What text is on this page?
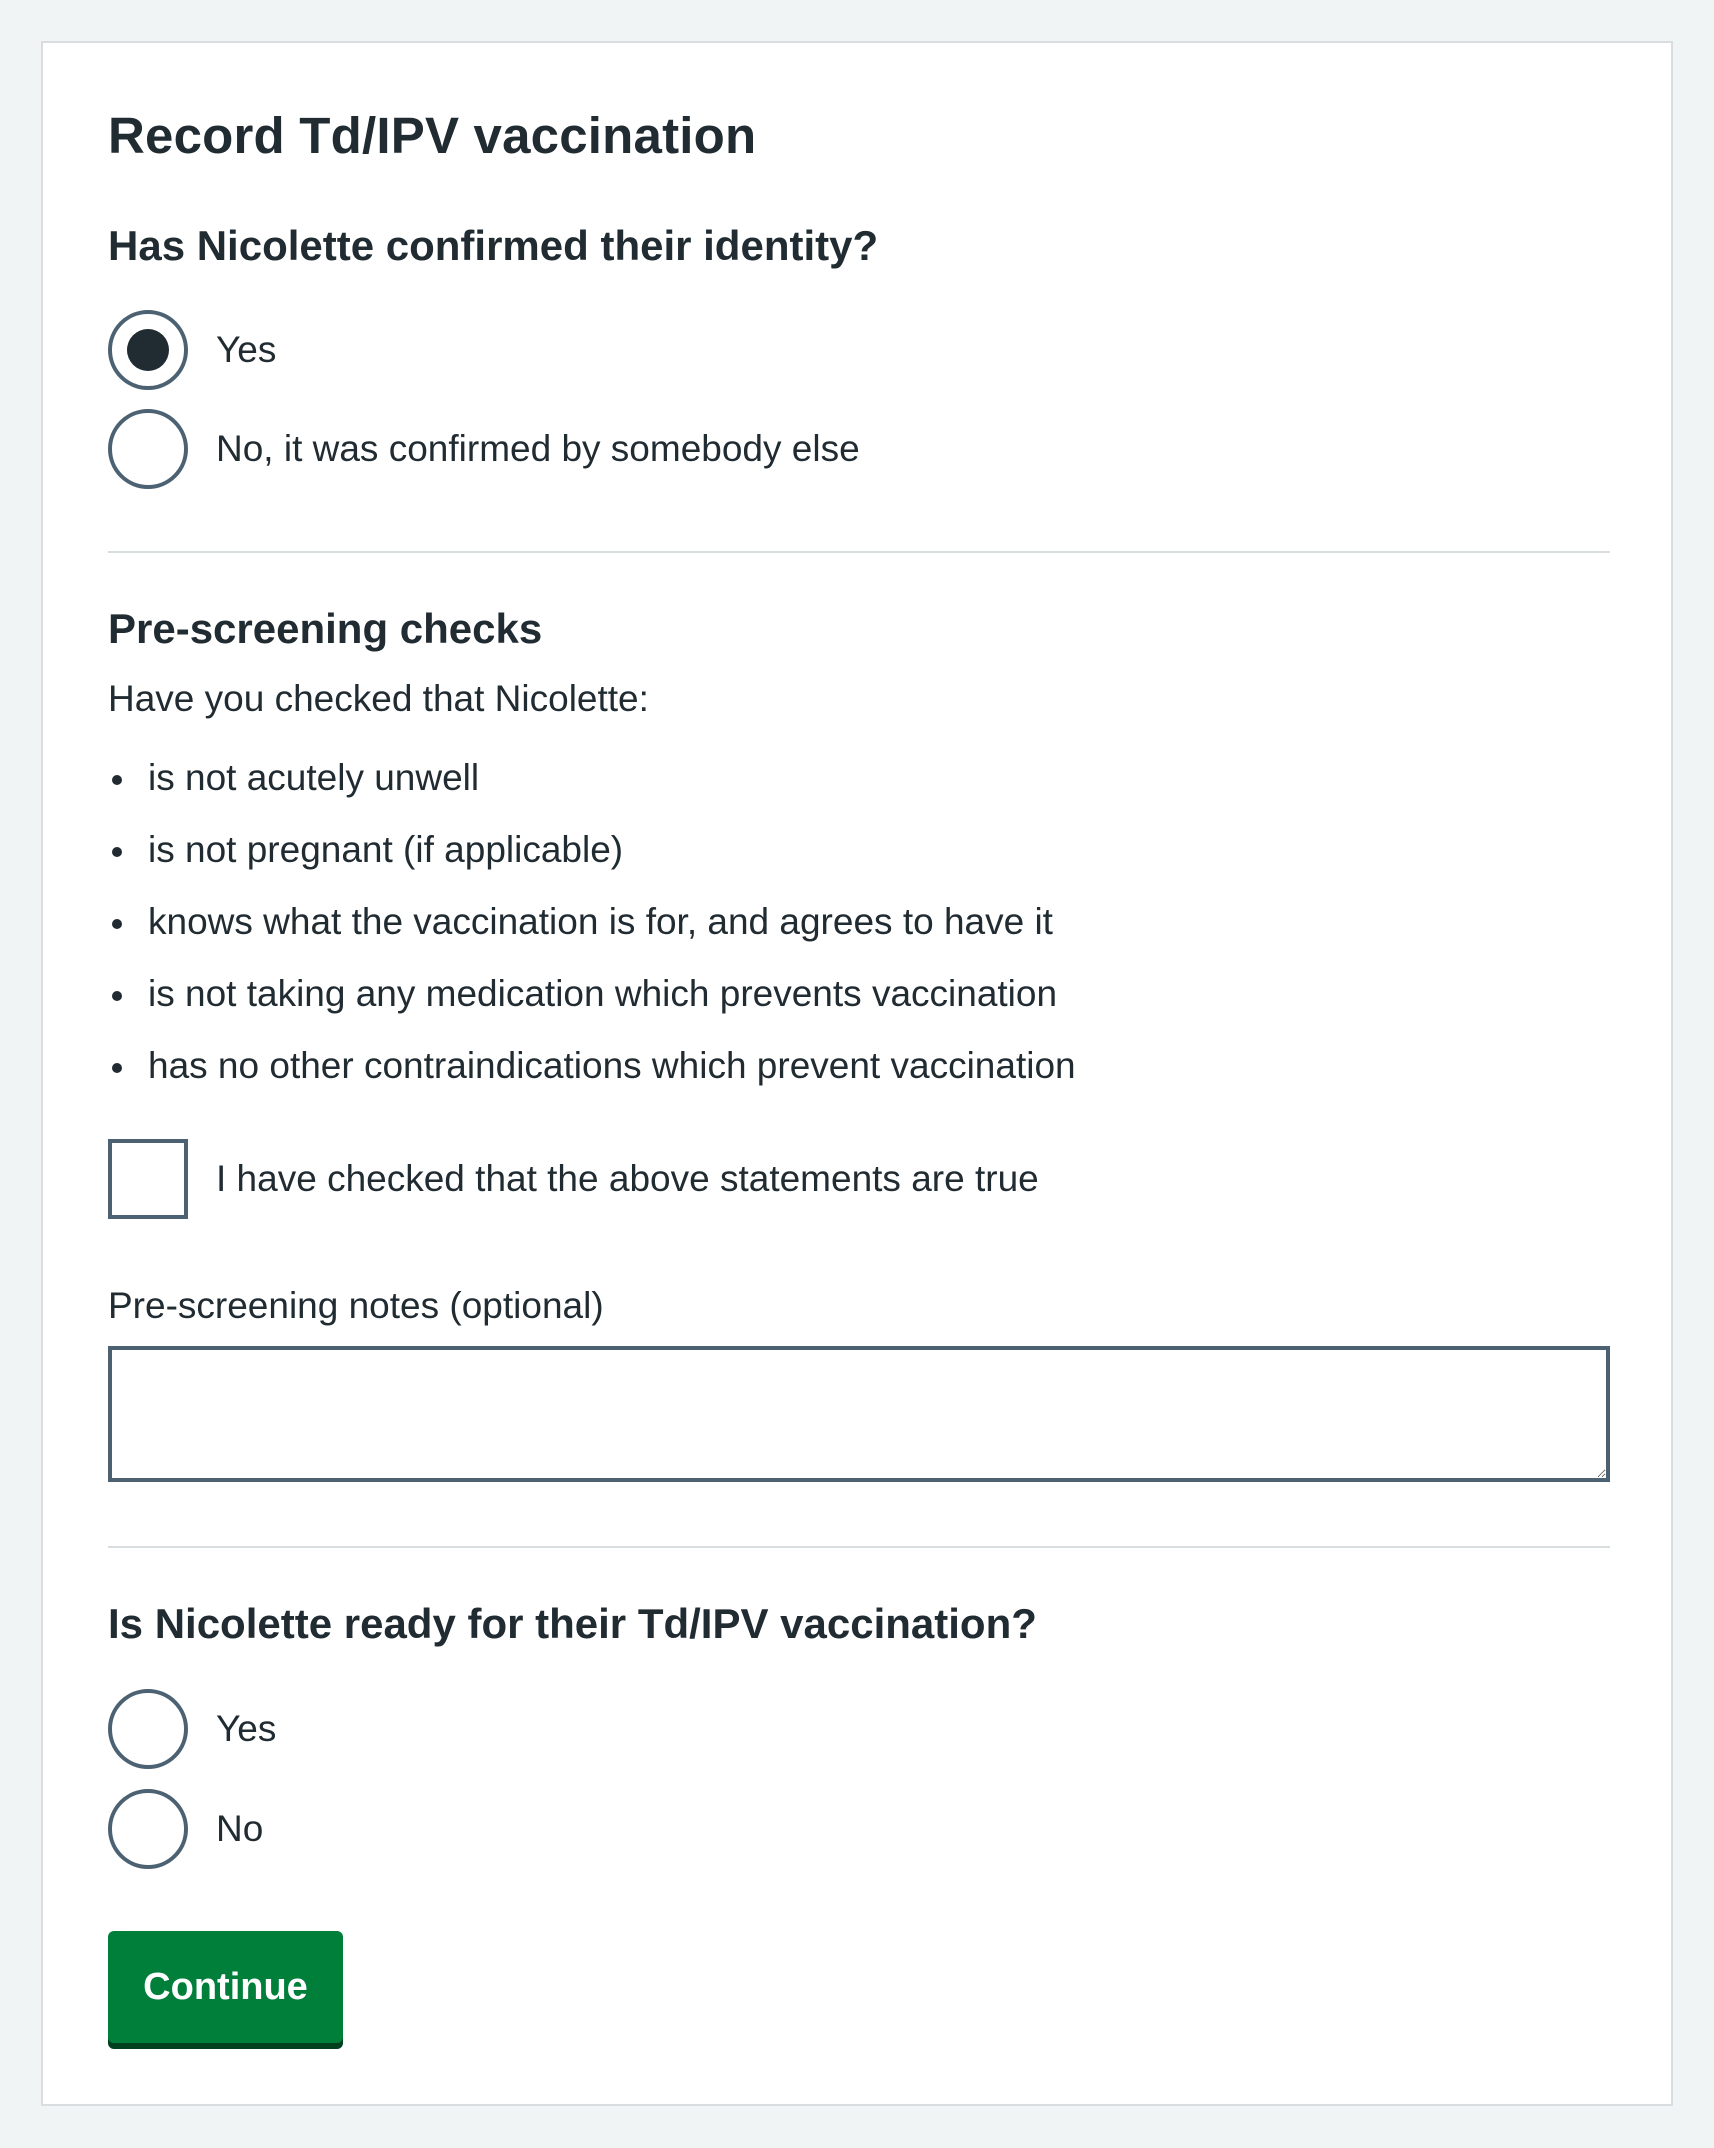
Record Td/IPV vaccination
Has Nicolette confirmed their identity?
Yes
No, it was confirmed by somebody else
Pre-screening checks
Have you checked that Nicolette:
is not acutely unwell
is not pregnant (if applicable)
knows what the vaccination is for, and agrees to have it
is not taking any medication which prevents vaccination
has no other contraindications which prevent vaccination
I have checked that the above statements are true
Pre-screening notes (optional)
Is Nicolette ready for their Td/IPV vaccination?
Yes
No
Continue
